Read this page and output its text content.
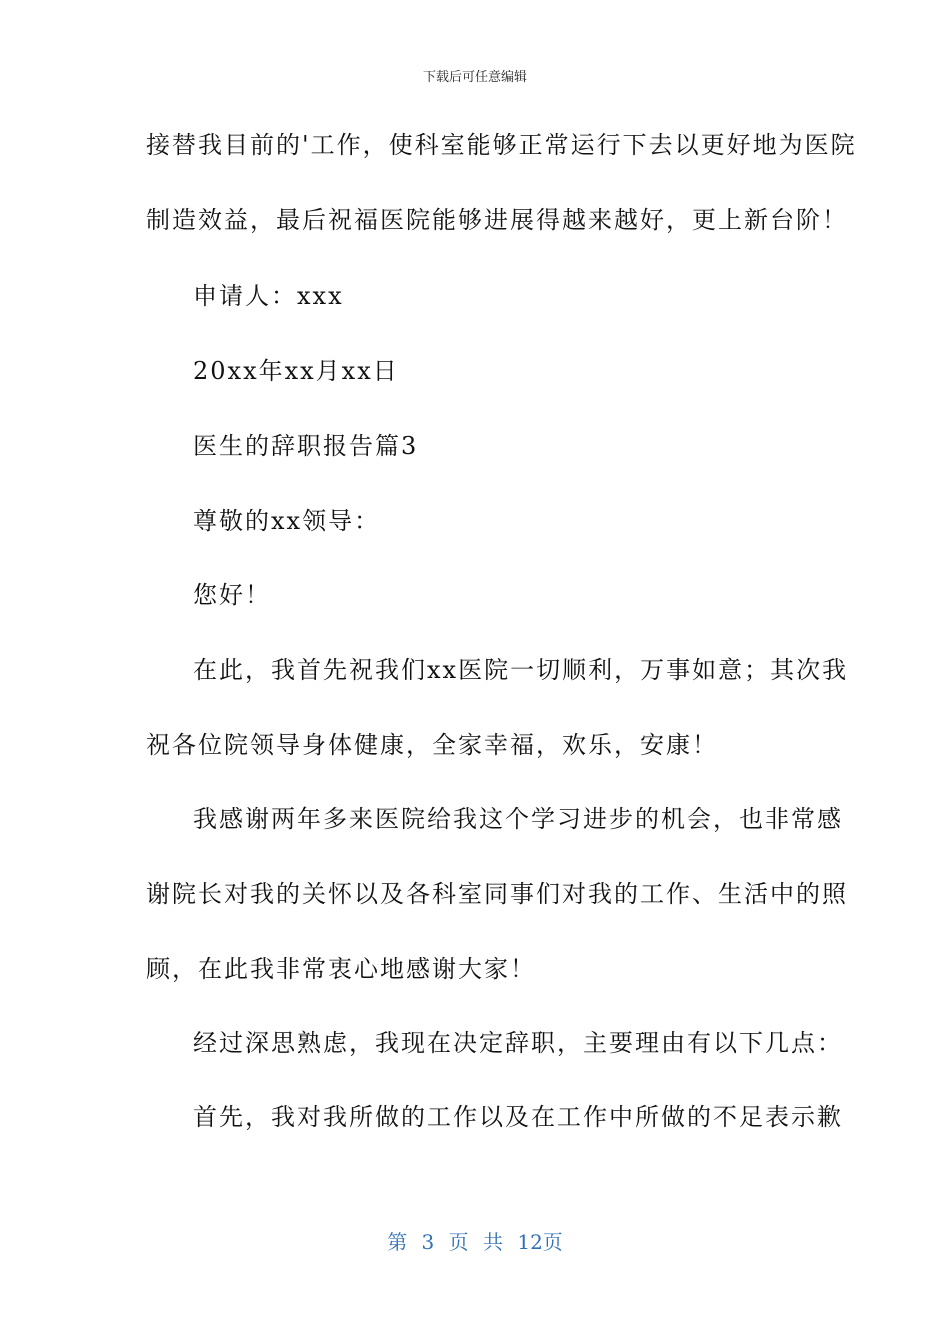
下载后可任意编辑
接替我目前的'工作，使科室能够正常运行下去以更好地为医院
制造效益，最后祝福医院能够进展得越来越好，更上新台阶！
申请人：xxx
20xx年xx月xx日
医生的辞职报告篇3
尊敬的xx领导：
您好！
在此，我首先祝我们xx医院一切顺利，万事如意；其次我
祝各位院领导身体健康，全家幸福，欢乐，安康！
我感谢两年多来医院给我这个学习进步的机会，也非常感
谢院长对我的关怀以及各科室同事们对我的工作、生活中的照
顾，在此我非常衷心地感谢大家！
经过深思熟虑，我现在决定辞职，主要理由有以下几点：
首先，我对我所做的工作以及在工作中所做的不足表示歉
第 3 页 共 12页
